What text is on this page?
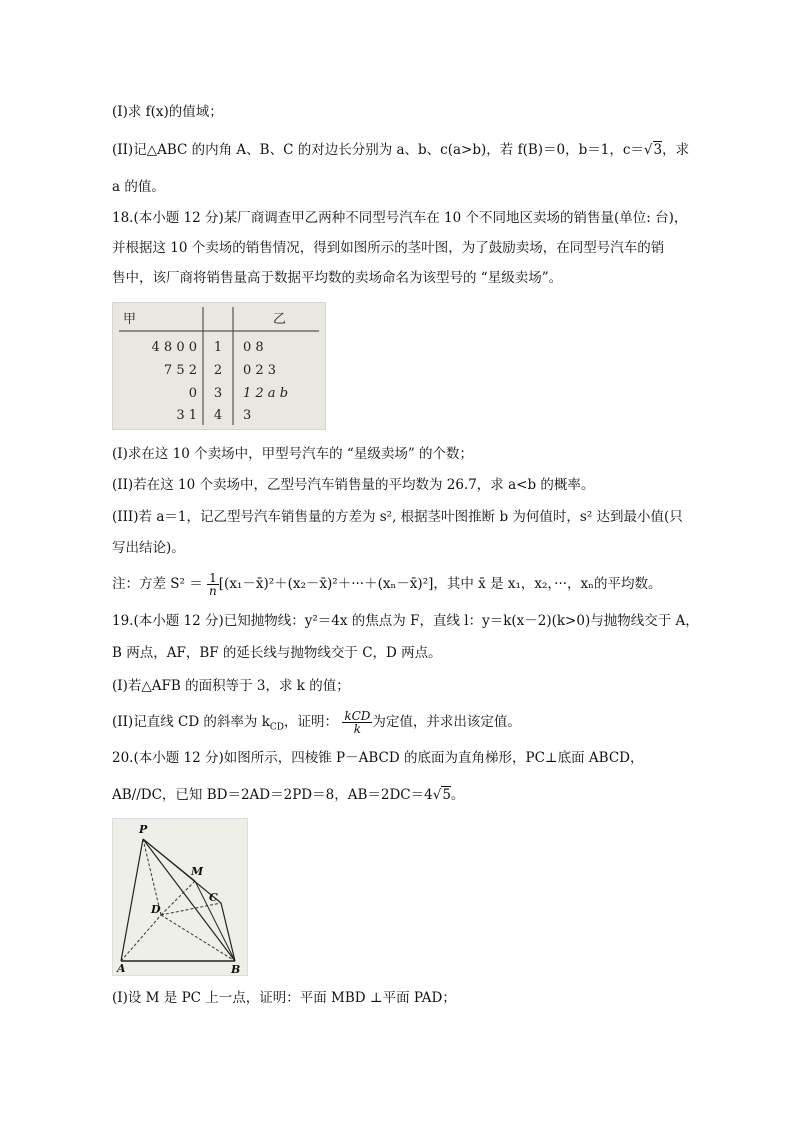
(I)求 f(x)的值域；
(II)记△ABC 的内角 A、B、C 的对边长分别为 a、b、c(a>b)，若 f(B)＝0，b＝1，c＝√3，求
a 的值。
18.(本小题 12 分)某厂商调查甲乙两种不同型号汽车在 10 个不同地区卖场的销售量(单位: 台)，
并根据这 10 个卖场的销售情况，得到如图所示的茎叶图，为了鼓励卖场，在同型号汽车的销
售中，该厂商将销售量高于数据平均数的卖场命名为该型号的 “星级卖场”。
甲	乙
4 8 0 0 1 0 8
7 5 2 2 0 2 3
0 3 1 2 a b
3 1 4 3
(I)求在这 10 个卖场中，甲型号汽车的 “星级卖场” 的个数；
(II)若在这 10 个卖场中，乙型号汽车销售量的平均数为 26.7，求 a<b 的概率。
(III)若 a＝1，记乙型号汽车销售量的方差为 s², 根据茎叶图推断 b 为何值时，s² 达到最小值(只
写出结论)。
注：方差 $S^2 = \frac{1}{n}$ [(x₁－x̄)²＋(x₂－x̄)²＋···＋(xₙ－x̄)²]，其中 x̄ 是 x₁，x₂，···，xₙ的平均数。
19.(本小题 12 分)已知抛物线：y²＝4x 的焦点为 F，直线 l：y＝k(x－2)(k>0)与抛物线交于 A，
B 两点，AF，BF 的延长线与抛物线交于 C，D 两点。
(I)若△AFB 的面积等于 3，求 k 的值；
(II)记直线 CD 的斜率为 $k_{CD}$，证明： $\frac{\text{kCD}}{k}$ 为定值，并求出该定值。
20.(本小题 12 分)如图所示，四棱锥 P－ABCD 的底面为直角梯形，PC⊥底面 ABCD，
AB//DC，已知 BD＝2AD＝2PD＝8，AB＝2DC＝4√5。
P
M
D
C
A	B
(I)设 M 是 PC 上一点，证明：平面 MBD ⊥平面 PAD；
